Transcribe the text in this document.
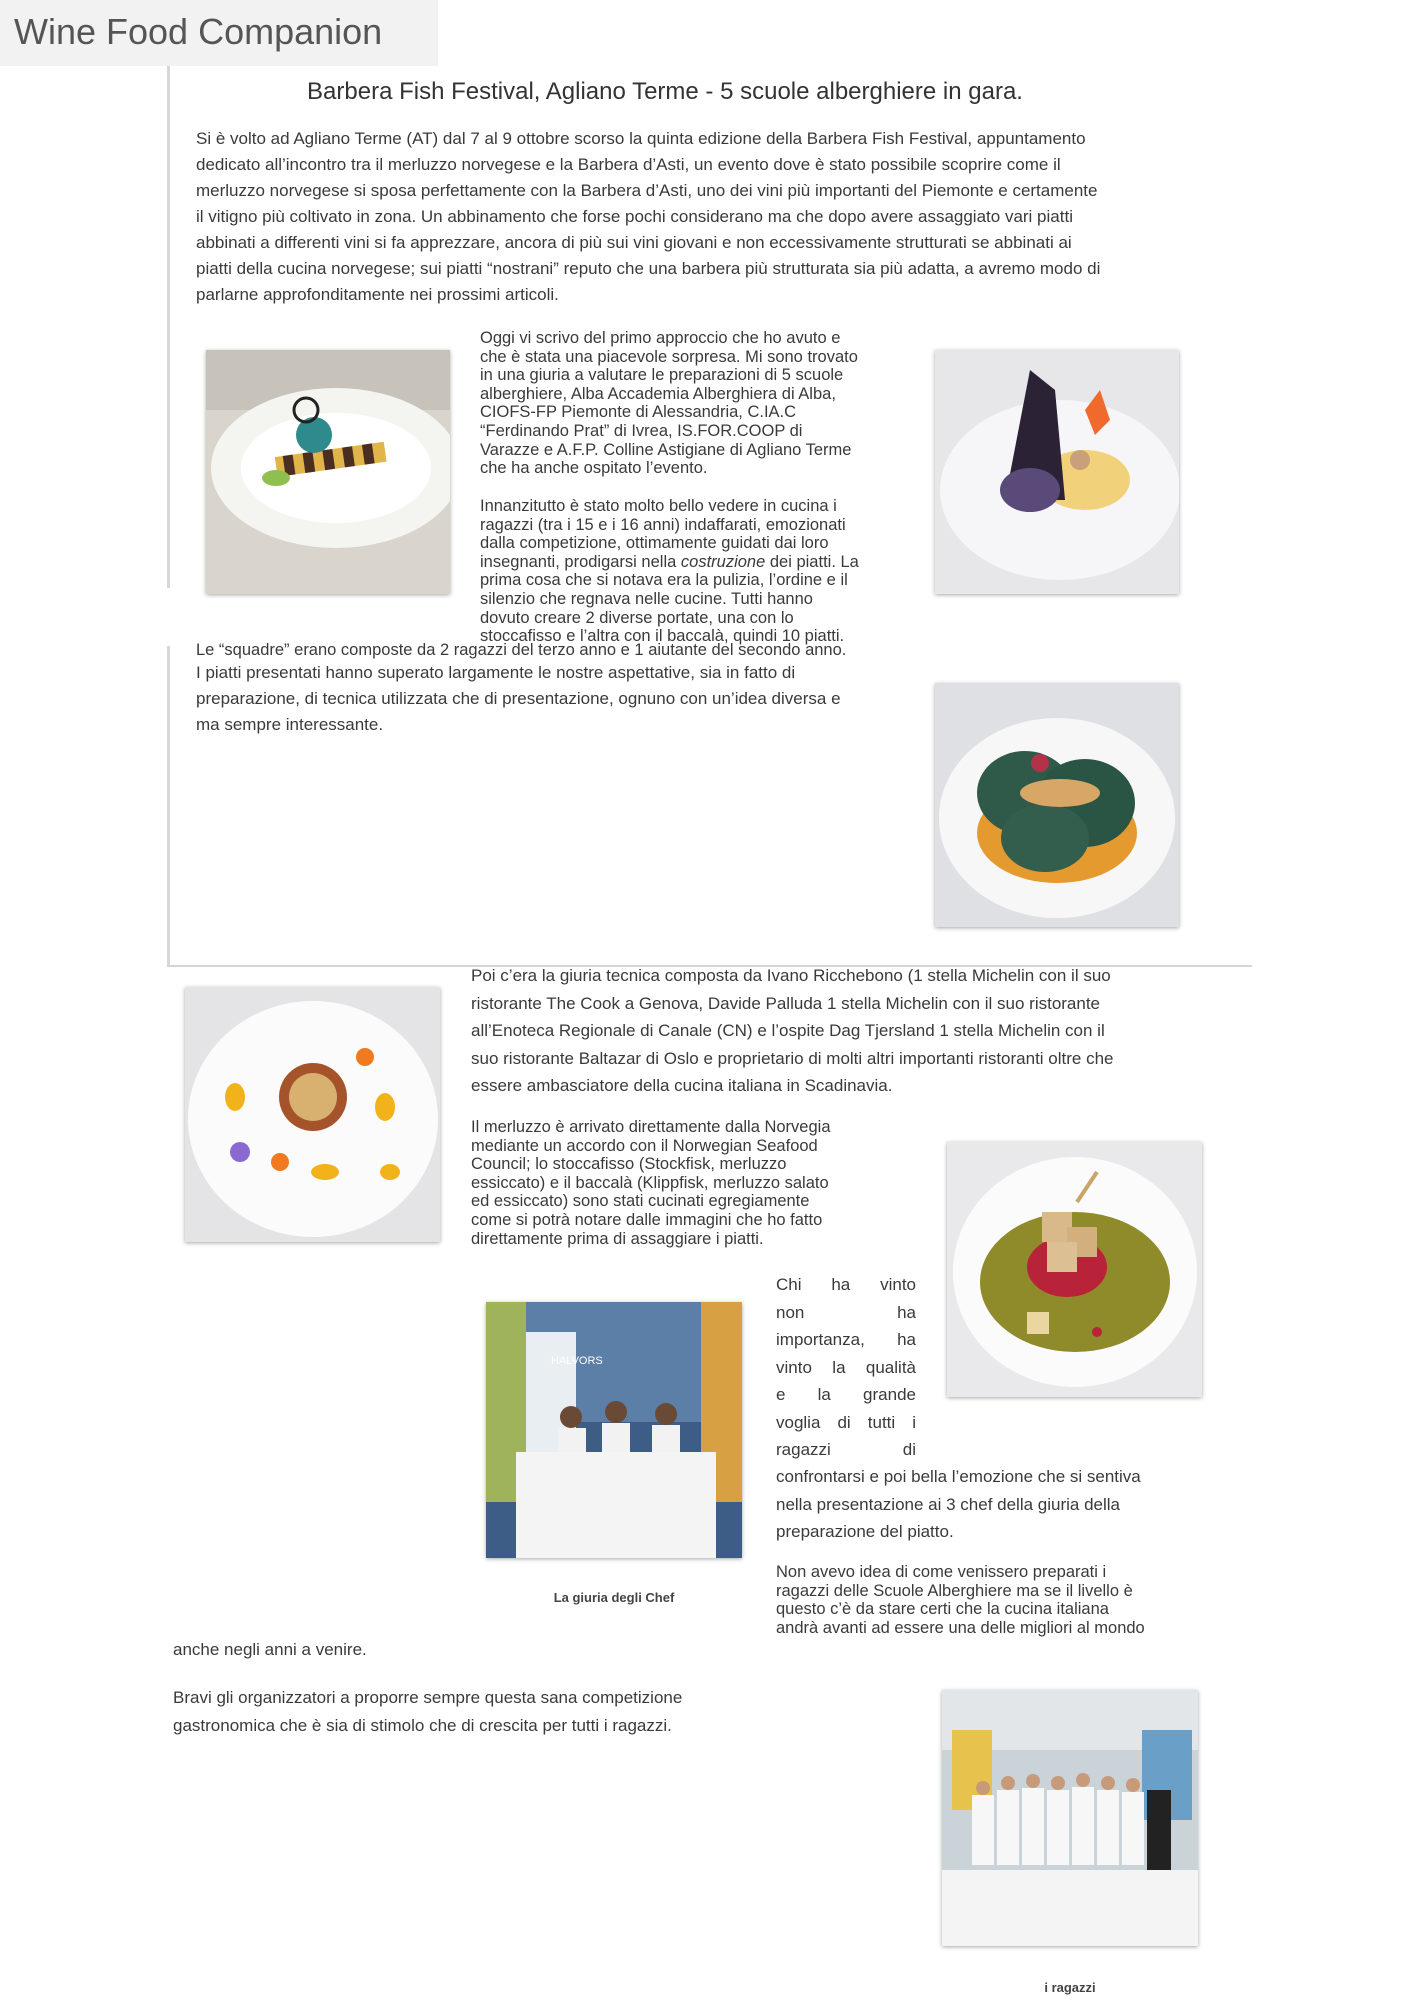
Wine Food Companion
Barbera Fish Festival, Agliano Terme - 5 scuole alberghiere in gara.
Si è volto ad Agliano Terme (AT) dal 7 al 9 ottobre scorso la quinta edizione della Barbera Fish Festival, appuntamento
dedicato all’incontro tra il merluzzo norvegese e la Barbera d’Asti, un evento dove è stato possibile scoprire come il
merluzzo norvegese si sposa perfettamente con la Barbera d’Asti, uno dei vini più importanti del Piemonte e certamente
il vitigno più coltivato in zona. Un abbinamento che forse pochi considerano ma che dopo avere assaggiato vari piatti
abbinati a differenti vini si fa apprezzare, ancora di più sui vini giovani e non eccessivamente strutturati se abbinati ai
piatti della cucina norvegese; sui piatti “nostrani” reputo che una barbera più strutturata sia più adatta, a avremo modo di
parlarne approfonditamente nei prossimi articoli.
Oggi vi scrivo del primo approccio che ho avuto e
che è stata una piacevole sorpresa. Mi sono trovato
in una giuria a valutare le preparazioni di 5 scuole
alberghiere, Alba Accademia Alberghiera di Alba,
CIOFS-FP Piemonte di Alessandria, C.IA.C
“Ferdinando Prat” di Ivrea, IS.FOR.COOP di
Varazze e A.F.P. Colline Astigiane di Agliano Terme
che ha anche ospitato l’evento.
Innanzitutto è stato molto bello vedere in cucina i
ragazzi (tra i 15 e i 16 anni) indaffarati, emozionati
dalla competizione, ottimamente guidati dai loro
insegnanti, prodigarsi nella costruzione dei piatti. La
prima cosa che si notava era la pulizia, l’ordine e il
silenzio che regnava nelle cucine. Tutti hanno
dovuto creare 2 diverse portate, una con lo
stoccafisso e l’altra con il baccalà, quindi 10 piatti.
Le “squadre” erano composte da 2 ragazzi del terzo anno e 1 aiutante del secondo anno.
I piatti presentati hanno superato largamente le nostre aspettative, sia in fatto di
preparazione, di tecnica utilizzata che di presentazione, ognuno con un’idea diversa e
ma sempre interessante.
Poi c’era la giuria tecnica composta da Ivano Ricchebono (1 stella Michelin con il suo
ristorante The Cook a Genova, Davide Palluda 1 stella Michelin con il suo ristorante
all’Enoteca Regionale di Canale (CN) e l’ospite Dag Tjersland 1 stella Michelin con il
suo ristorante Baltazar di Oslo e proprietario di molti altri importanti ristoranti oltre che
essere ambasciatore della cucina italiana in Scadinavia.
Il merluzzo è arrivato direttamente dalla Norvegia
mediante un accordo con il Norwegian Seafood
Council; lo stoccafisso (Stockfisk, merluzzo
essiccato) e il baccalà (Klippfisk, merluzzo salato
ed essiccato) sono stati cucinati egregiamente
come si potrà notare dalle immagini che ho fatto
direttamente prima di assaggiare i piatti.
HALVORS
La giuria degli Chef
Chi ha vinto
non ha
importanza, ha
vinto la qualità
e la grande
voglia di tutti i
ragazzi di
confrontarsi e poi bella l’emozione che si sentiva
nella presentazione ai 3 chef della giuria della
preparazione del piatto.
Non avevo idea di come venissero preparati i
ragazzi delle Scuole Alberghiere ma se il livello è
questo c’è da stare certi che la cucina italiana
andrà avanti ad essere una delle migliori al mondo
anche negli anni a venire.
Bravi gli organizzatori a proporre sempre questa sana competizione
gastronomica che è sia di stimolo che di crescita per tutti i ragazzi.
i ragazzi
